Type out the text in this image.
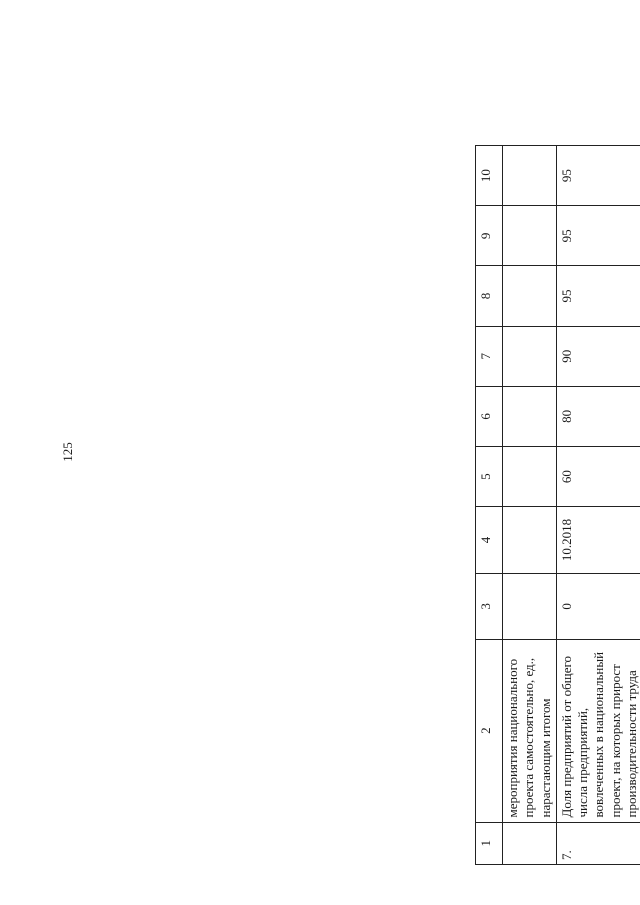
125
1	2	3	4	5	6	7	8	9	10
	мероприятия национального проекта самостоятельно, ед., нарастающим итогом								
7.	Доля предприятий от общего числа предприятий, вовлеченных в национальный проект, на которых прирост производительности труда	0	10.2018	60	80	90	95	95	95
